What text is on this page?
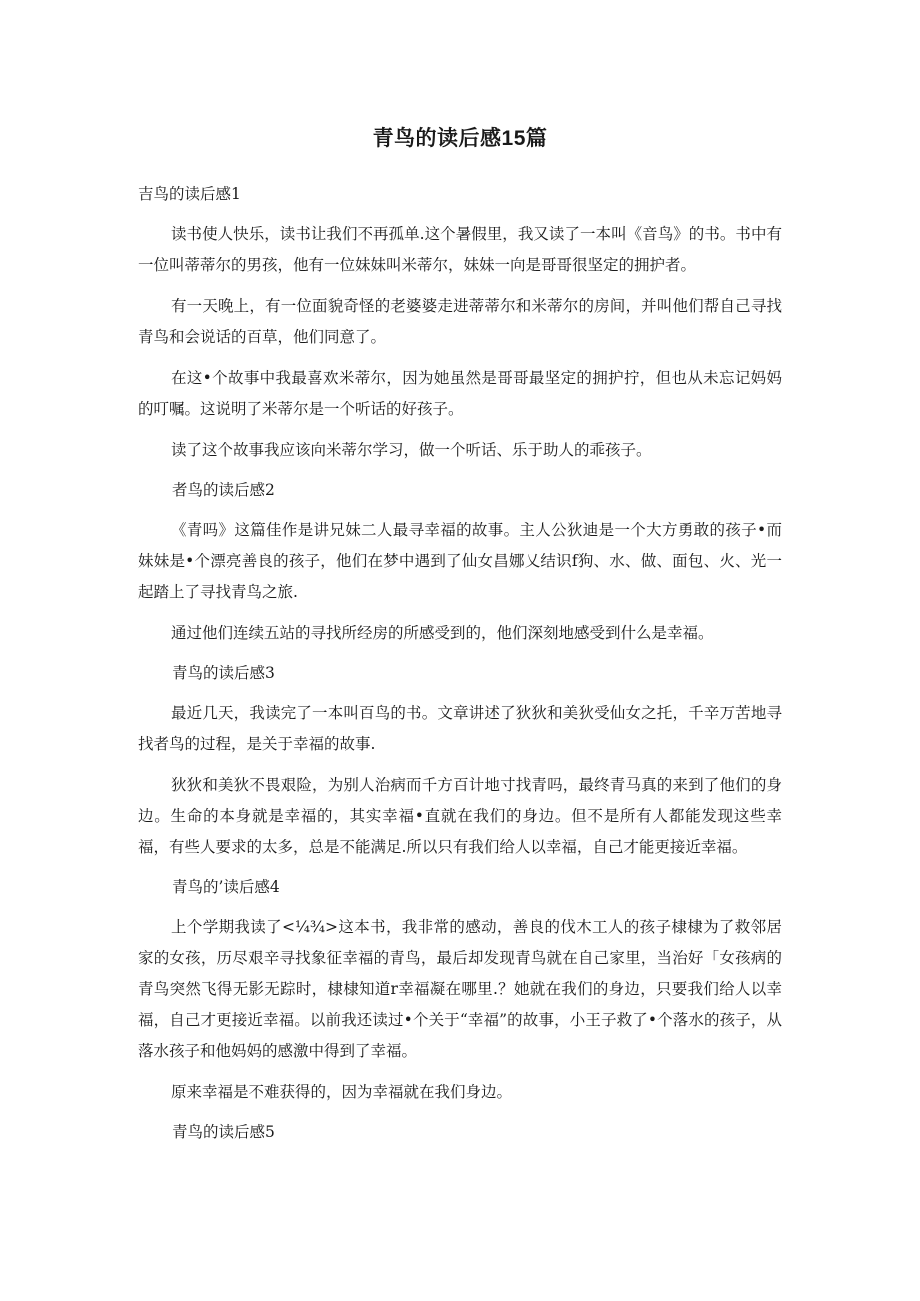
青鸟的读后感15篇
吉鸟的读后感1

读书使人快乐，读书让我们不再孤单.这个暑假里，我又读了一本叫《音鸟》的书。书中有一位叫蒂蒂尔的男孩，他有一位妹妹叫米蒂尔，妹妹一向是哥哥很坚定的拥护者。

有一天晚上，有一位面貌奇怪的老婆婆走进蒂蒂尔和米蒂尔的房间，并叫他们帮自己寻找青鸟和会说话的百草，他们同意了。

在这•个故事中我最喜欢米蒂尔，因为她虽然是哥哥最坚定的拥护拧，但也从未忘记妈妈的叮嘱。这说明了米蒂尔是一个听话的好孩子。

读了这个故事我应该向米蒂尔学习，做一个听话、乐于助人的乖孩子。

者鸟的读后感2

《青吗》这篇佳作是讲兄妹二人最寻幸福的故事。主人公狄迪是一个大方勇敢的孩子•而妹妹是•个漂亮善良的孩子，他们在梦中遇到了仙女昌娜乂结识f狗、水、做、面包、火、光一起踏上了寻找青鸟之旅.

通过他们连续五站的寻找所经房的所感受到的，他们深刻地感受到什么是幸福。

青鸟的读后感3

最近几天，我读完了一本叫百鸟的书。文章讲述了狄狄和美狄受仙女之托，千辛万苦地寻找者鸟的过程，是关于幸福的故事.

狄狄和美狄不畏艰险，为别人治病而千方百计地寸找青吗，最终青马真的来到了他们的身边。生命的本身就是幸福的，其实幸福•直就在我们的身边。但不是所有人都能发现这些幸福，有些人要求的太多，总是不能满足.所以只有我们给人以幸福，自己才能更接近幸福。

青鸟的’读后感4

上个学期我读了<¼¾>这本书，我非常的感动，善良的伐木工人的孩子棣棣为了救邻居家的女孩，历尽艰辛寻找象征幸福的青鸟，最后却发现青鸟就在自己家里，当治好「女孩病的青鸟突然飞得无影无踪时，棣棣知道r幸福凝在哪里.？她就在我们的身边，只要我们给人以幸福，自己才更接近幸福。以前我还读过•个关于“幸福”的故事，小王子救了•个落水的孩子，从落水孩子和他妈妈的感激中得到了幸福。

原来幸福是不难获得的，因为幸福就在我们身边。

青鸟的读后感5
